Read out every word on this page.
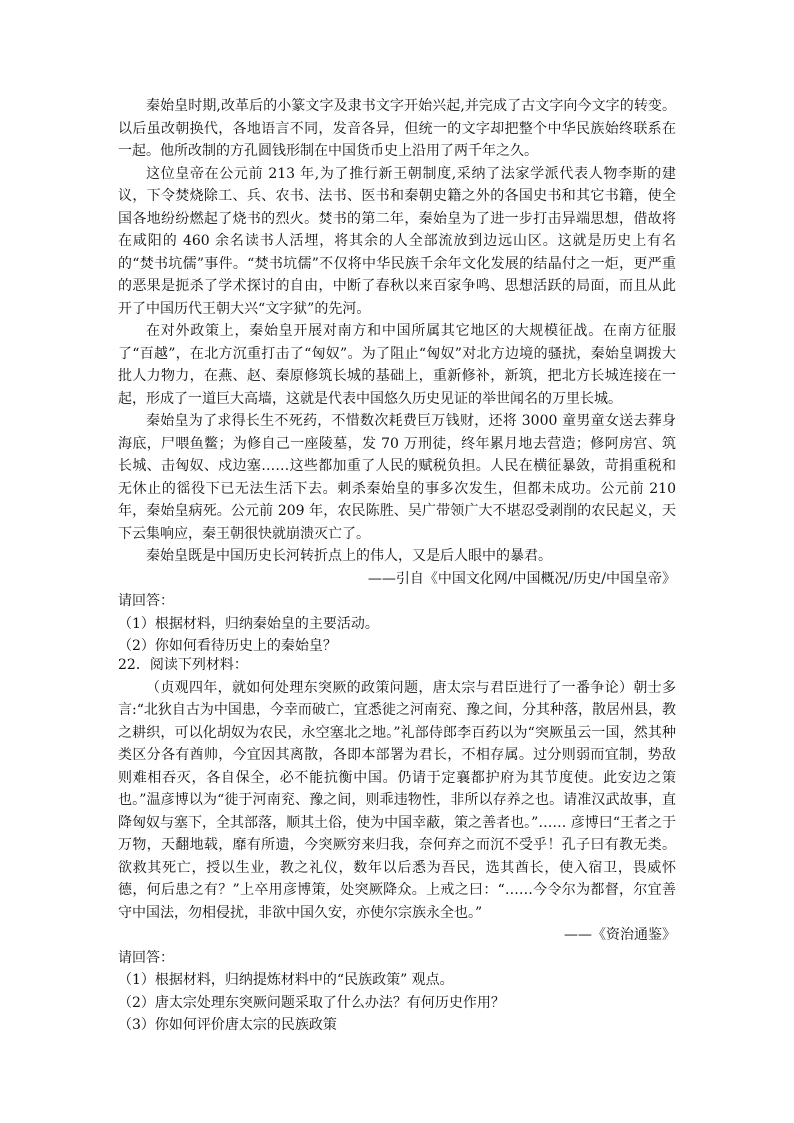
秦始皇时期,改革后的小篆文字及隶书文字开始兴起,并完成了古文字向今文字的转变。以后虽改朝换代，各地语言不同，发音各异，但统一的文字却把整个中华民族始终联系在一起。他所改制的方孔圆钱形制在中国货币史上沿用了两千年之久。

这位皇帝在公元前 213 年,为了推行新王朝制度,采纳了法家学派代表人物李斯的建议，下令焚烧除工、兵、农书、法书、医书和秦朝史籍之外的各国史书和其它书籍，使全国各地纷纷燃起了烧书的烈火。焚书的第二年，秦始皇为了进一步打击异端思想，借故将在咸阳的 460 余名读书人活埋，将其余的人全部流放到边远山区。这就是历史上有名的“焚书坑儒”事件。“焚书坑儒”不仅将中华民族千余年文化发展的结晶付之一炬，更严重的恶果是扼杀了学术探讨的自由，中断了春秋以来百家争鸣、思想活跃的局面，而且从此开了中国历代王朝大兴“文字狱”的先河。

在对外政策上，秦始皇开展对南方和中国所属其它地区的大规模征战。在南方征服了“百越”，在北方沉重打击了“匈奴”。为了阻止“匈奴”对北方边境的骚扰，秦始皇调拨大批人力物力，在燕、赵、秦原修筑长城的基础上，重新修补，新筑，把北方长城连接在一起，形成了一道巨大高墙，这就是代表中国悠久历史见证的举世闻名的万里长城。

秦始皇为了求得长生不死药，不惜数次耗费巨万钱财，还将 3000 童男童女送去葬身海底，尸喂鱼鳖；为修自己一座陵墓，发 70 万刑徒，终年累月地去营造；修阿房宫、筑长城、击匈奴、戍边塞……这些都加重了人民的赋税负担。人民在横征暴敛，苛捐重税和无休止的徭役下已无法生活下去。刺杀秦始皇的事多次发生，但都未成功。公元前 210 年，秦始皇病死。公元前 209 年，农民陈胜、吴广带领广大不堪忍受剥削的农民起义，天下云集响应，秦王朝很快就崩溃灭亡了。

秦始皇既是中国历史长河转折点上的伟人，又是后人眼中的暴君。

——引自《中国文化网/中国概况/历史/中国皇帝》

请回答：

（1）根据材料，归纳秦始皇的主要活动。

（2）你如何看待历史上的秦始皇？

22．阅读下列材料：

（贞观四年，就如何处理东突厥的政策问题，唐太宗与君臣进行了一番争论）朝士多言:“北狄自古为中国患，今幸而破亡，宜悉徙之河南兖、豫之间，分其种落，散居州县，教之耕织，可以化胡奴为农民，永空塞北之地。”礼部侍郎李百药以为“突厥虽云一国，然其种类区分各有酋帅，今宜因其离散，各即本部署为君长，不相存属。过分则弱而宜制，势敌则难相吞灭，各自保全，必不能抗衡中国。仍请于定襄都护府为其节度使。此安边之策也。”温彦博以为“徙于河南兖、豫之间，则乖违物性，非所以存养之也。请准汉武故事，直降匈奴与塞下，全其部落，顺其土俗，使为中国幸蔽，策之善者也。”…… 彦博曰“王者之于万物，天翻地载，靡有所遗，今突厥穷来归我，奈何弃之而沉不受乎！孔子曰有教无类。欲救其死亡，授以生业，教之礼仪，数年以后悉为吾民，选其酋长，使入宿卫，畏威怀德，何后患之有？”上卒用彦博策，处突厥降众。上戒之曰：“……今令尔为都督，尔宜善守中国法，勿相侵扰，非欲中国久安，亦使尔宗族永全也。”

——《资治通鉴》

请回答：

（1）根据材料，归纳提炼材料中的“民族政策” 观点。

（2）唐太宗处理东突厥问题采取了什么办法？有何历史作用？

（3）你如何评价唐太宗的民族政策
